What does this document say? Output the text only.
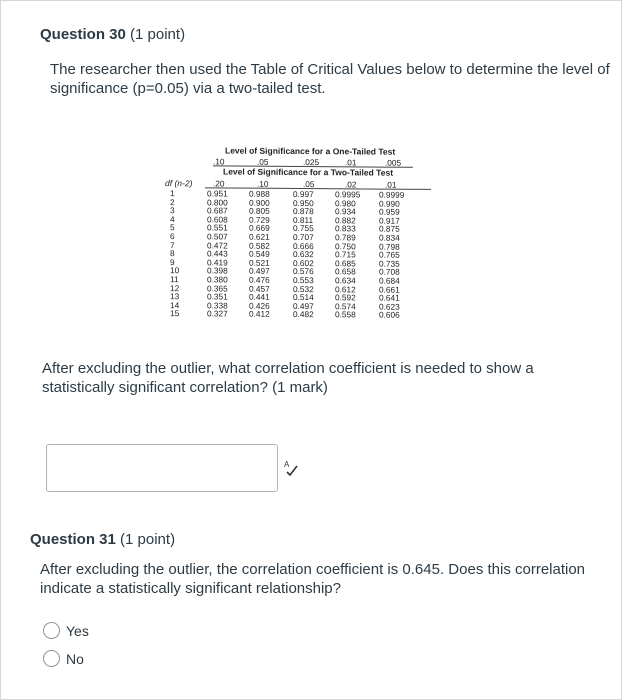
Question 30 (1 point)
The researcher then used the Table of Critical Values below to determine the level of
significance (p=0.05) via a two-tailed test.
Level of Significance for a One-Tailed Test
Level of Significance for a Two-Tailed Test
df (n-2)
.10	.05	.025	.01	.005
.20	.10	.05	.02	.01
1	0.951	0.988	0.997	0.9995 0.9999
2	0.800	0.900	0.950	0.980	0.990
3	0.687	0.805	0.878	0.934	0.959
4	0.608	0.729	0.811	0.882	0.917
5	0.551	0.669	0.755	0.833	0.875
6	0.507	0.621	0.707	0.789	0.834
7	0.472	0.582	0.666	0.750	0.798
8	0.443	0.549	0.632	0.715	0.765
9	0.419	0.521	0.602	0.685	0.735
10	0.398	0.497	0.576	0.658	0.708
11	0.380	0.476	0.553	0.634	0.684
12	0.365	0.457	0.532	0.612	0.661
13	0.351	0.441	0.514	0.592	0.641
14	0.338	0.426	0.497	0.574	0.623
15	0.327	0.412	0.482	0.558	0.606
After excluding the outlier, what correlation coefficient is needed to show a
statistically significant correlation? (1 mark)
A
Question 31 (1 point)
After excluding the outlier, the correlation coefficient is 0.645. Does this correlation
indicate a statistically significant relationship?
Yes
No
